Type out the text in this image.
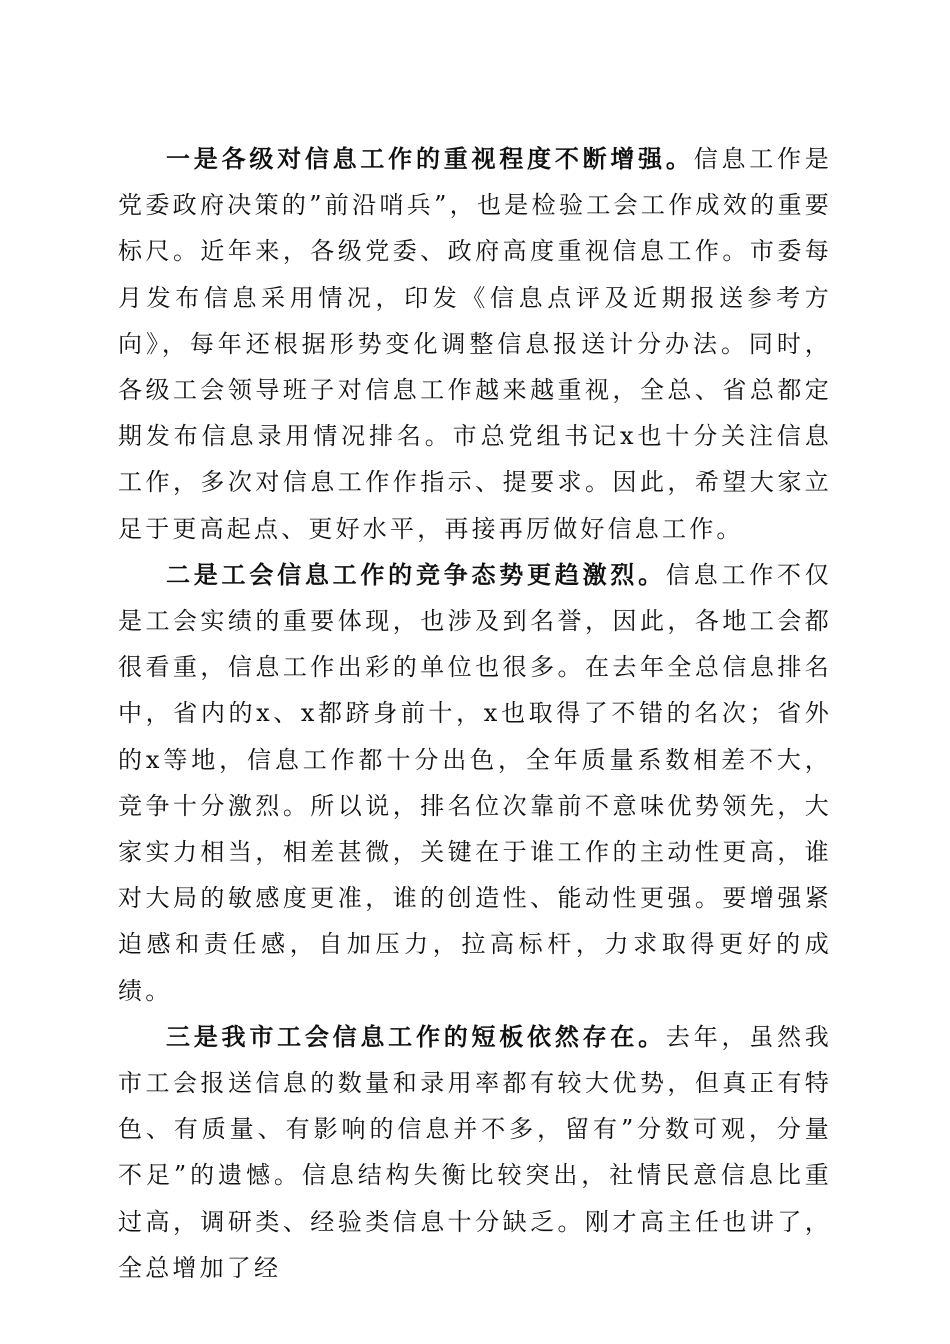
一是各级对信息工作的重视程度不断增强。信息工作是党委政府决策的”前沿哨兵”，也是检验工会工作成效的重要标尺。近年来，各级党委、政府高度重视信息工作。市委每月发布信息采用情况，印发《信息点评及近期报送参考方向》，每年还根据形势变化调整信息报送计分办法。同时，各级工会领导班子对信息工作越来越重视，全总、省总都定期发布信息录用情况排名。市总党组书记x也十分关注信息工作，多次对信息工作作指示、提要求。因此，希望大家立足于更高起点、更好水平，再接再厉做好信息工作。

二是工会信息工作的竞争态势更趋激烈。信息工作不仅是工会实绩的重要体现，也涉及到名誉，因此，各地工会都很看重，信息工作出彩的单位也很多。在去年全总信息排名中，省内的x、x都跻身前十，x也取得了不错的名次；省外的x等地，信息工作都十分出色，全年质量系数相差不大，竞争十分激烈。所以说，排名位次靠前不意味优势领先，大家实力相当，相差甚微，关键在于谁工作的主动性更高，谁对大局的敏感度更准，谁的创造性、能动性更强。要增强紧迫感和责任感，自加压力，拉高标杆，力求取得更好的成绩。

三是我市工会信息工作的短板依然存在。去年，虽然我市工会报送信息的数量和录用率都有较大优势，但真正有特色、有质量、有影响的信息并不多，留有”分数可观，分量不足”的遗憾。信息结构失衡比较突出，社情民意信息比重过高，调研类、经验类信息十分缺乏。刚才高主任也讲了，全总增加了经
